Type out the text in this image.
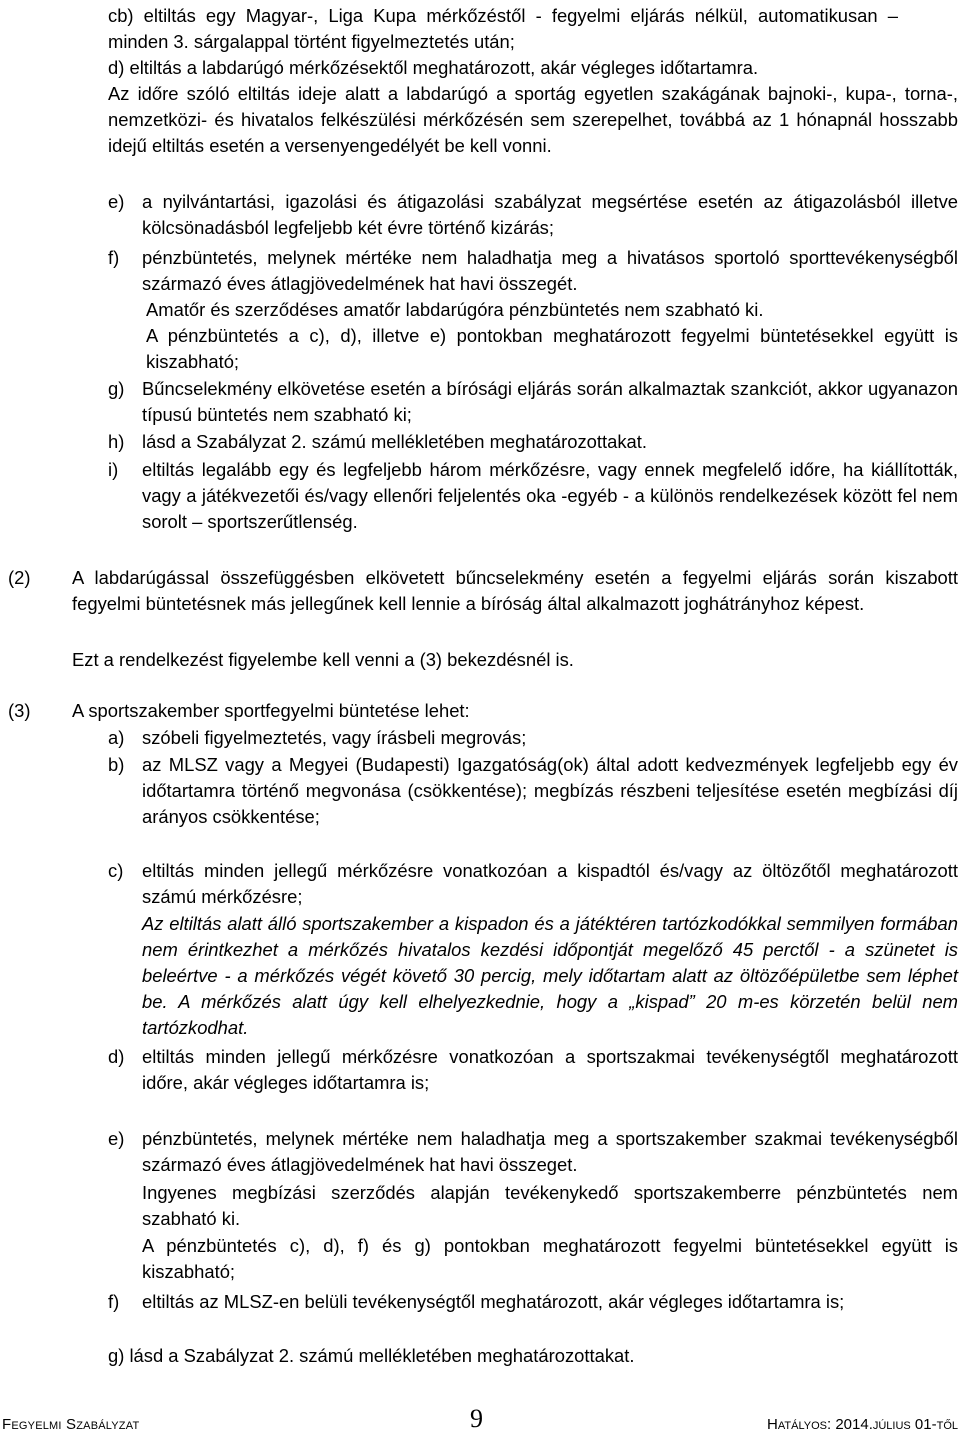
cb) eltiltás egy Magyar-, Liga Kupa mérkőzéstől - fegyelmi eljárás nélkül, automatikusan –minden 3. sárgalappal történt figyelmeztetés után;
d) eltiltás a labdarúgó mérkőzésektől meghatározott, akár végleges időtartamra.
Az időre szóló eltiltás ideje alatt a labdarúgó a sportág egyetlen szakágának bajnoki-, kupa-, torna-, nemzetközi- és hivatalos felkészülési mérkőzésén sem szerepelhet, továbbá az 1 hónapnál hosszabb idejű eltiltás esetén a versenyengedélyét be kell vonni.
e) a nyilvántartási, igazolási és átigazolási szabályzat megsértése esetén az átigazolásból illetve kölcsönadásból legfeljebb két évre történő kizárás;
f) pénzbüntetés, melynek mértéke nem haladhatja meg a hivatásos sportoló sporttevékenységből származó éves átlagjövedelmének hat havi összegét.
Amatőr és szerződéses amatőr labdarúgóra pénzbüntetés nem szabható ki.
A pénzbüntetés a c), d), illetve e) pontokban meghatározott fegyelmi büntetésekkel együtt is kiszabható;
g) Bűncselekmény elkövetése esetén a bírósági eljárás során alkalmaztak szankciót, akkor ugyanazon típusú büntetés nem szabható ki;
h) lásd a Szabályzat 2. számú mellékletében meghatározottakat.
i) eltiltás legalább egy és legfeljebb három mérkőzésre, vagy ennek megfelelő időre, ha kiállították, vagy a játékvezetői és/vagy ellenőri feljelentés oka -egyéb - a különös rendelkezések között fel nem sorolt – sportszerűtlenség.
(2) A labdarúgással összefüggésben elkövetett bűncselekmény esetén a fegyelmi eljárás során kiszabott fegyelmi büntetésnek más jellegűnek kell lennie a bíróság által alkalmazott joghátrányhoz képest.
Ezt a rendelkezést figyelembe kell venni a (3) bekezdésnél is.
(3) A sportszakember sportfegyelmi büntetése lehet:
a) szóbeli figyelmeztetés, vagy írásbeli megrovás;
b) az MLSZ vagy a Megyei (Budapesti) Igazgatóság(ok) által adott kedvezmények legfeljebb egy év időtartamra történő megvonása (csökkentése); megbízás részbeni teljesítése esetén megbízási díj arányos csökkentése;
c) eltiltás minden jellegű mérkőzésre vonatkozóan a kispadtól és/vagy az öltözőtől meghatározott számú mérkőzésre;
Az eltiltás alatt álló sportszakember a kispadon és a játéktéren tartózkodókkal semmilyen formában nem érintkezhet a mérkőzés hivatalos kezdési időpontját megelőző 45 perctől - a szünetet is beleértve - a mérkőzés végét követő 30 percig, mely időtartam alatt az öltözőépületbe sem léphet be. A mérkőzés alatt úgy kell elhelyezkednie, hogy a „kispad” 20 m-es körzetén belül nem tartózkodhat.
d) eltiltás minden jellegű mérkőzésre vonatkozóan a sportszakmai tevékenységtől meghatározott időre, akár végleges időtartamra is;
e) pénzbüntetés, melynek mértéke nem haladhatja meg a sportszakember szakmai tevékenységből származó éves átlagjövedelmének hat havi összeget.
Ingyenes megbízási szerződés alapján tevékenykedő sportszakemberre pénzbüntetés nem szabható ki.
A pénzbüntetés c), d), f) és g) pontokban meghatározott fegyelmi büntetésekkel együtt is kiszabható;
f) eltiltás az MLSZ-en belüli tevékenységtől meghatározott, akár végleges időtartamra is;
g) lásd a Szabályzat 2. számú mellékletében meghatározottakat.
Fegyelmi Szabályzat	9	Hatályos: 2014.július 01-től
